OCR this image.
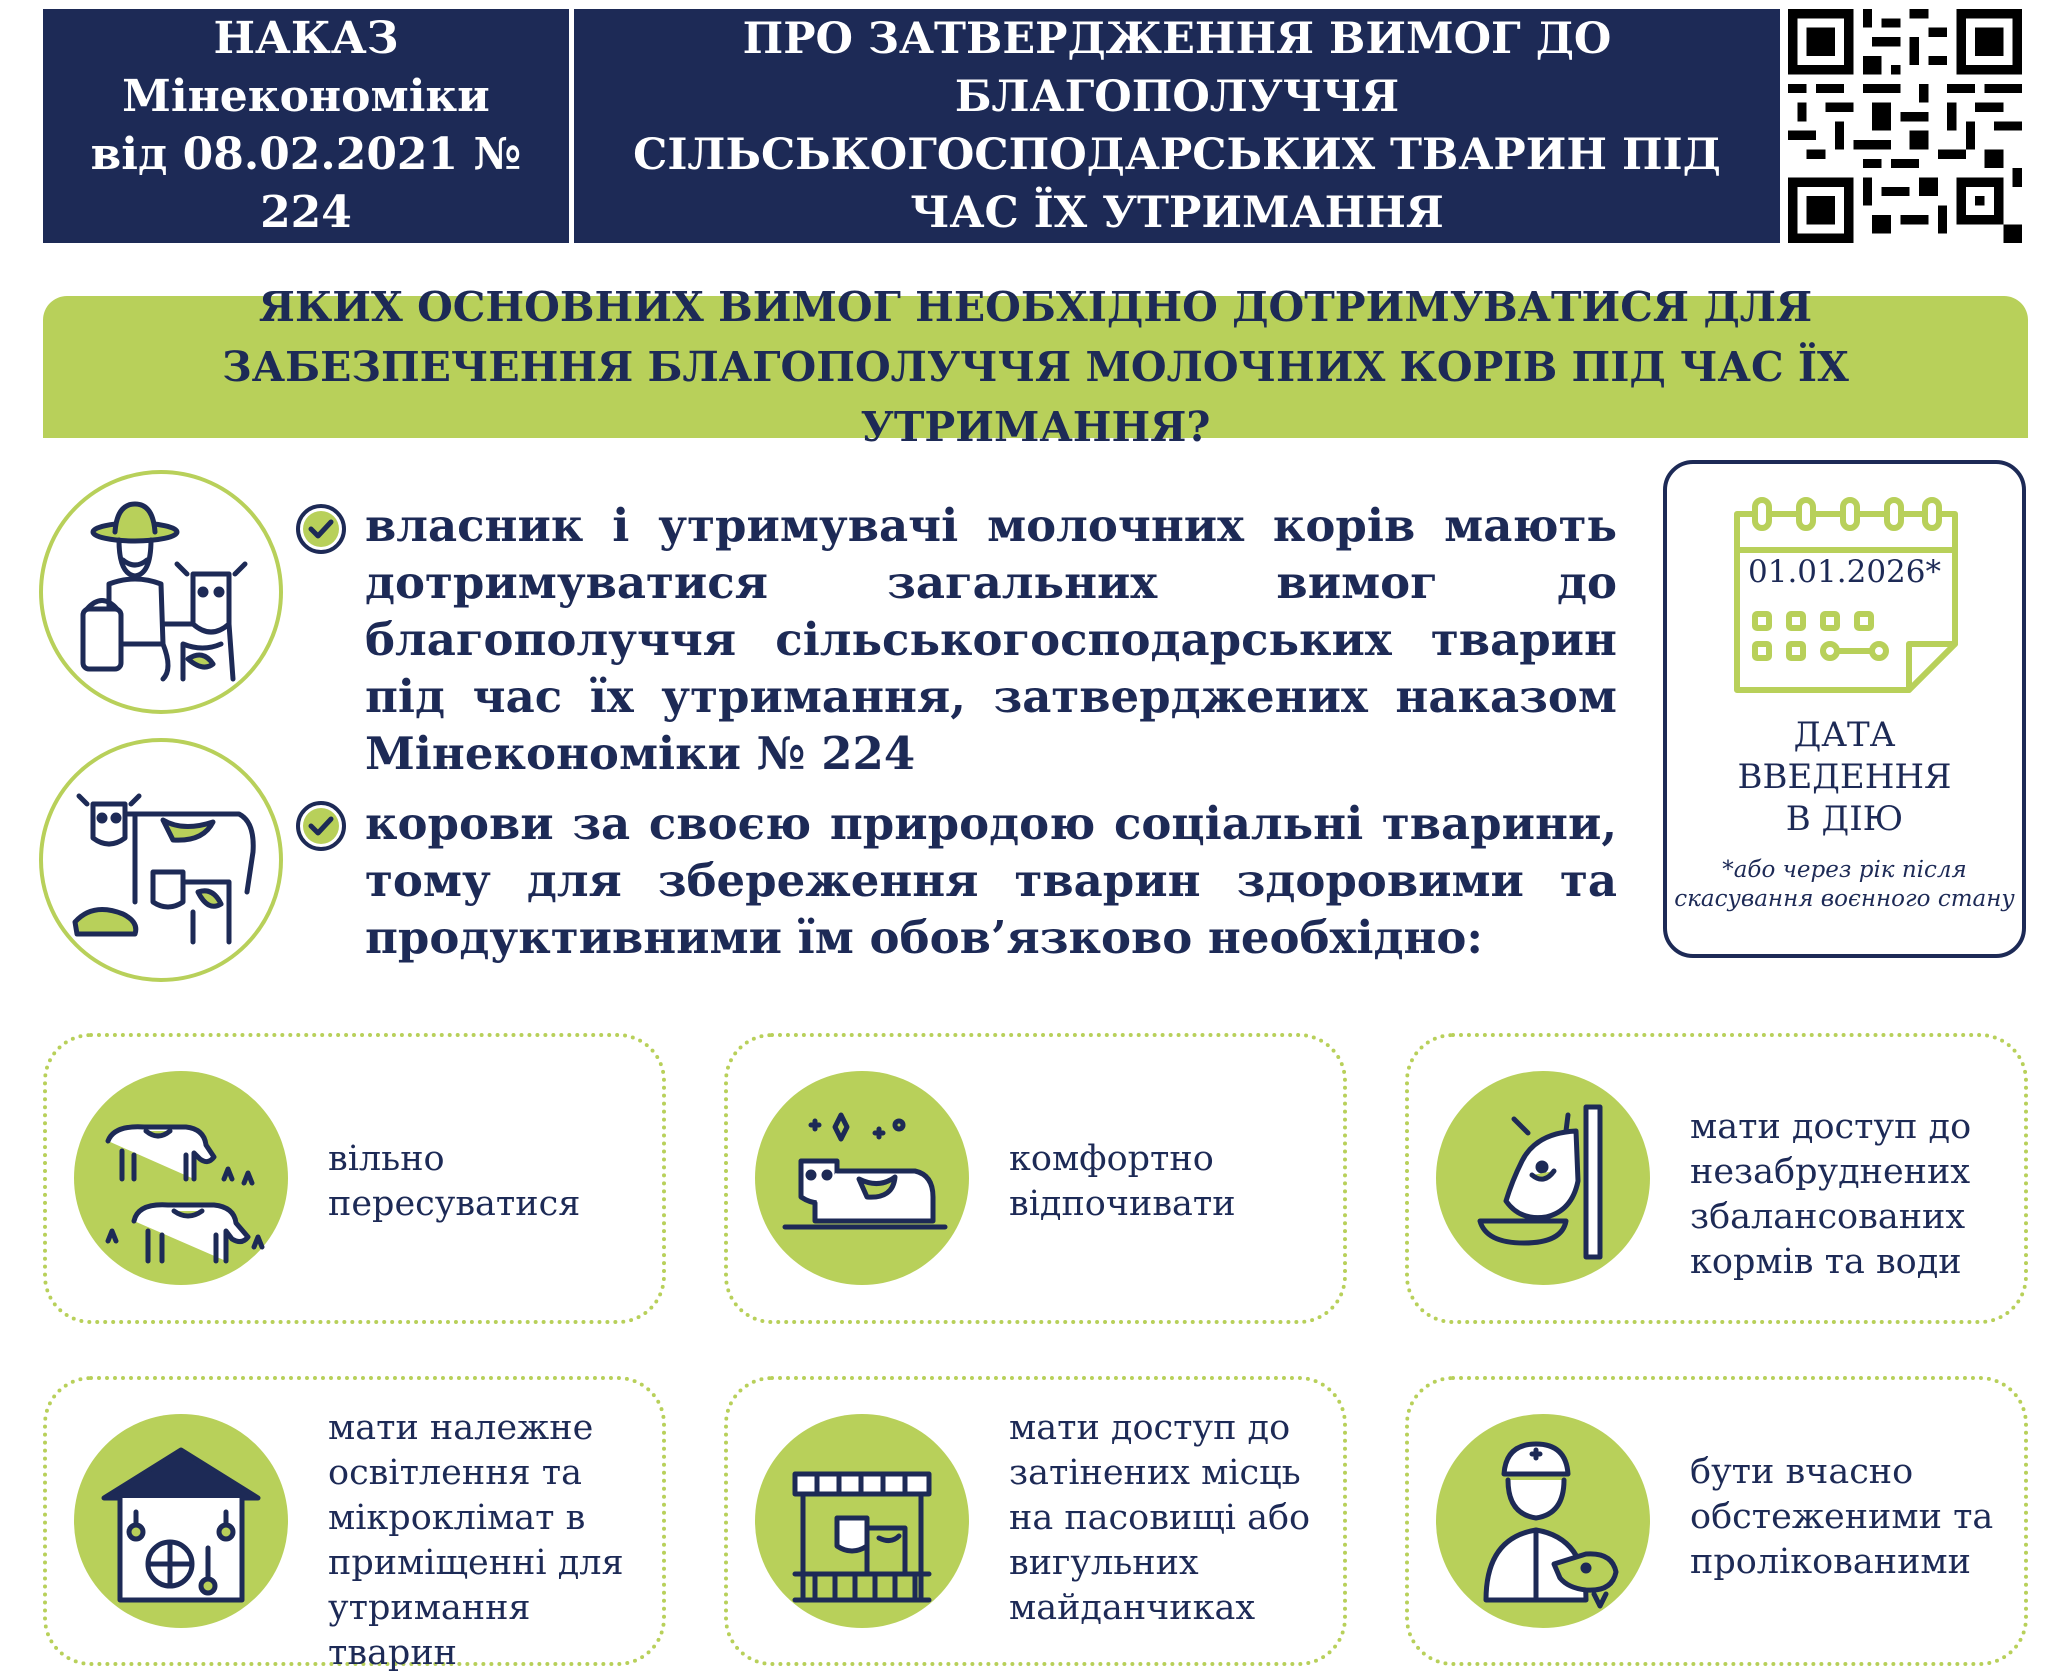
НАКАЗ
Мінекономіки
від 08.02.2021 № 224
ПРО ЗАТВЕРДЖЕННЯ ВИМОГ ДО БЛАГОПОЛУЧЧЯ СІЛЬСЬКОГОСПОДАРСЬКИХ ТВАРИН ПІД ЧАС ЇХ УТРИМАННЯ
ЯКИХ ОСНОВНИХ ВИМОГ НЕОБХІДНО ДОТРИМУВАТИСЯ ДЛЯ ЗАБЕЗПЕЧЕННЯ БЛАГОПОЛУЧЧЯ МОЛОЧНИХ КОРІВ ПІД ЧАС ЇХ УТРИМАННЯ?
власник і утримувачі молочних корів мають дотримуватися загальних вимог до благополуччя сільськогосподарських тварин під час їх утримання, затверджених наказом Мінекономіки № 224
корови за своєю природою соціальні тварини, тому для збереження тварин здоровими та продуктивними їм обов’язково необхідно:
01.01.2026*
ДАТА
ВВЕДЕННЯ
В ДІЮ
*або через рік після
скасування воєнного стану
вільно
пересуватися
комфортно
відпочивати
мати доступ до
незабруднених
збалансованих
кормів та води
мати належне
освітлення та
мікроклімат в
приміщенні для
утримання тварин
мати доступ до
затінених місць
на пасовищі або
вигульних
майданчиках
бути вчасно
обстеженими та
пролікованими
